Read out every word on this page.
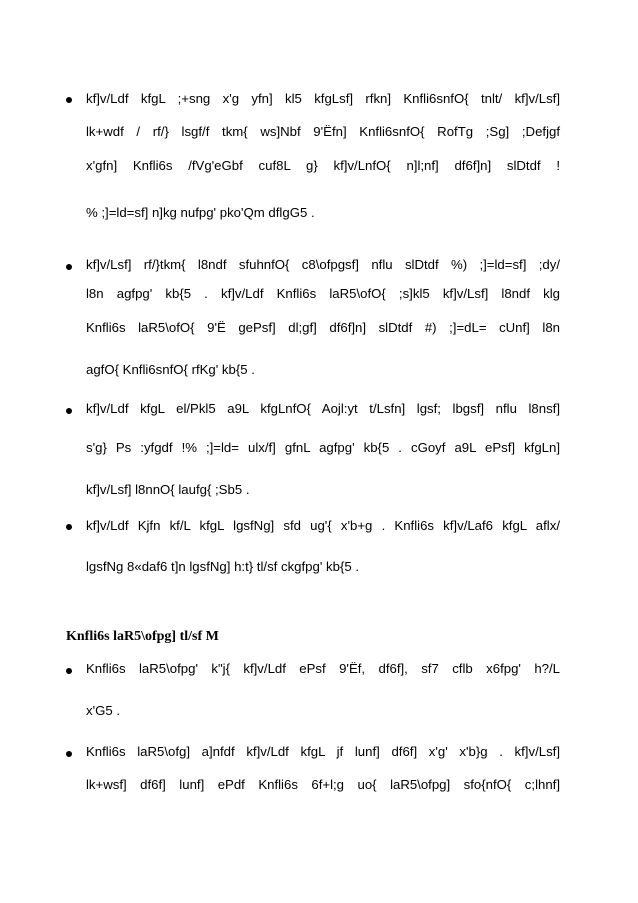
kf]v/Ldf kfgL ;+sng x'g yfn] kl5 kfgLsf] rfkn] Knfli6snfO{ tnlt/ kf]v/Lsf]
lk+wdf / rf/} lsgf/f tkm{ ws]Nbf 9'Ëfn] Knfli6snfO{ RofTg ;Sg] ;Defjgf
x'gfn] Knfli6s /fVg'eGbf cuf8L g} kf]v/LnfO{ n]l;nf] df6f]n] slDtdf !
% ;]=ld=sf] n]kg nufpg' pko'Qm dflgG5 .
kf]v/Lsf] rf/}tkm{ l8ndf sfuhnfO{ c8\ofpgsf] nflu slDtdf %) ;]=ld=sf] ;dy/
l8n agfpg' kb{5 . kf]v/Ldf Knfli6s laR5\ofO{ ;s]kl5 kf]v/Lsf] l8ndf klg
Knfli6s laR5\ofO{ 9'Ë gePsf] dl;gf] df6f]n] slDtdf #) ;]=dL= cUnf] l8n
agfO{ Knfli6snfO{ rfKg' kb{5 .
kf]v/Ldf kfgL el/Pkl5 a9L kfgLnfO{ Aojl:yt t/Lsfn] lgsf; lbgsf] nflu l8nsf]
s'g} Ps :yfgdf !% ;]=ld= ulx/f] gfnL agfpg' kb{5 . cGoyf a9L ePsf] kfgLn]
kf]v/Lsf] l8nnO{ laufg{ ;Sb5 .
kf]v/Ldf Kjfn kf/L kfgL lgsfNg] sfd ug'{ x'b+g . Knfli6s kf]v/Laf6 kfgL aflx/
lgsfNg 8«daf6 t]n lgsfNg] h:t} tl/sf ckgfpg' kb{5 .
Knfli6s laR5\ofpg] tl/sf M
Knfli6s laR5\ofpg' k"j{ kf]v/Ldf ePsf 9'Ëf, df6f], sf7 cflb x6fpg' h?/L
x'G5 .
Knfli6s laR5\ofg] a]nfdf kf]v/Ldf kfgL jf lunf] df6f] x'g' x'b}g . kf]v/Lsf]
lk+wsf] df6f] lunf] ePdf Knfli6s 6f+l;g uo{ laR5\ofpg] sfo{nfO{ c;lhnf]
